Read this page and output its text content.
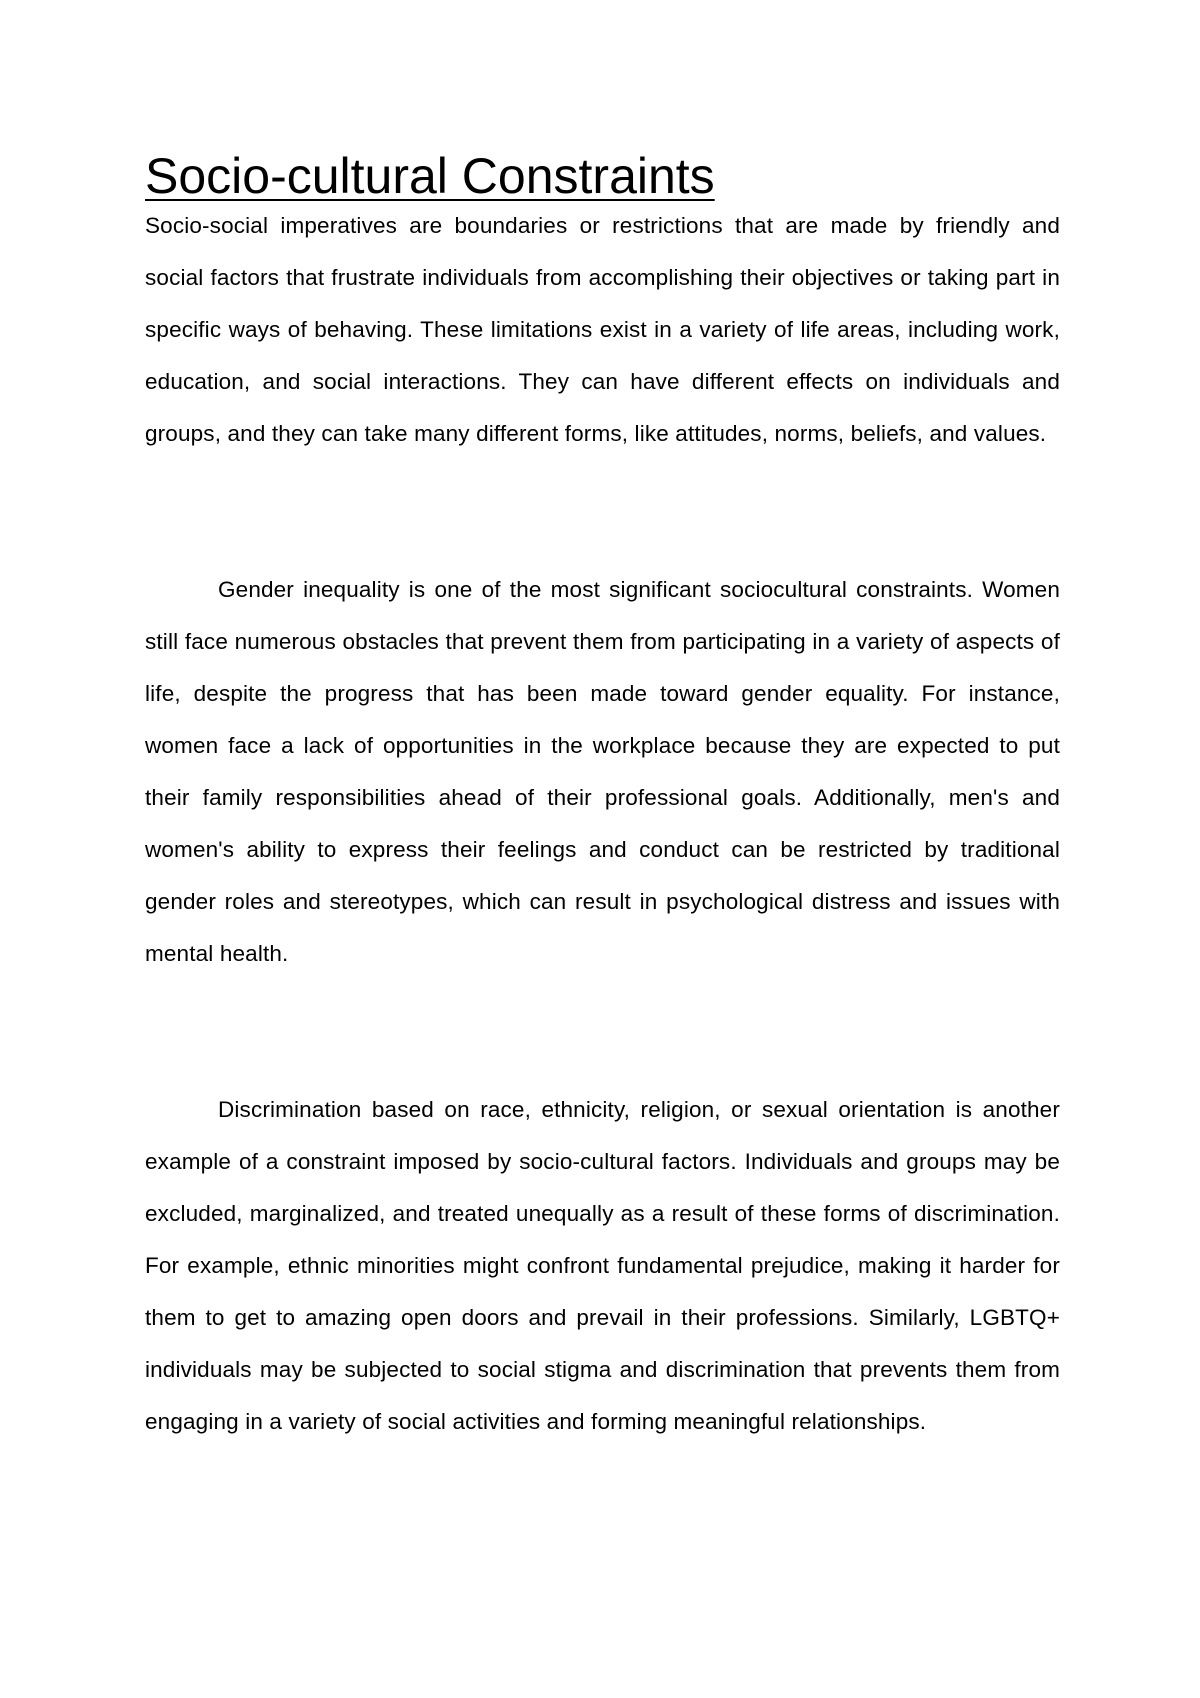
Socio-cultural Constraints

Socio-social imperatives are boundaries or restrictions that are made by friendly and social factors that frustrate individuals from accomplishing their objectives or taking part in specific ways of behaving. These limitations exist in a variety of life areas, including work, education, and social interactions. They can have different effects on individuals and groups, and they can take many different forms, like attitudes, norms, beliefs, and values.

Gender inequality is one of the most significant sociocultural constraints. Women still face numerous obstacles that prevent them from participating in a variety of aspects of life, despite the progress that has been made toward gender equality. For instance, women face a lack of opportunities in the workplace because they are expected to put their family responsibilities ahead of their professional goals. Additionally, men's and women's ability to express their feelings and conduct can be restricted by traditional gender roles and stereotypes, which can result in psychological distress and issues with mental health.

Discrimination based on race, ethnicity, religion, or sexual orientation is another example of a constraint imposed by socio-cultural factors. Individuals and groups may be excluded, marginalized, and treated unequally as a result of these forms of discrimination. For example, ethnic minorities might confront fundamental prejudice, making it harder for them to get to amazing open doors and prevail in their professions. Similarly, LGBTQ+ individuals may be subjected to social stigma and discrimination that prevents them from engaging in a variety of social activities and forming meaningful relationships.
